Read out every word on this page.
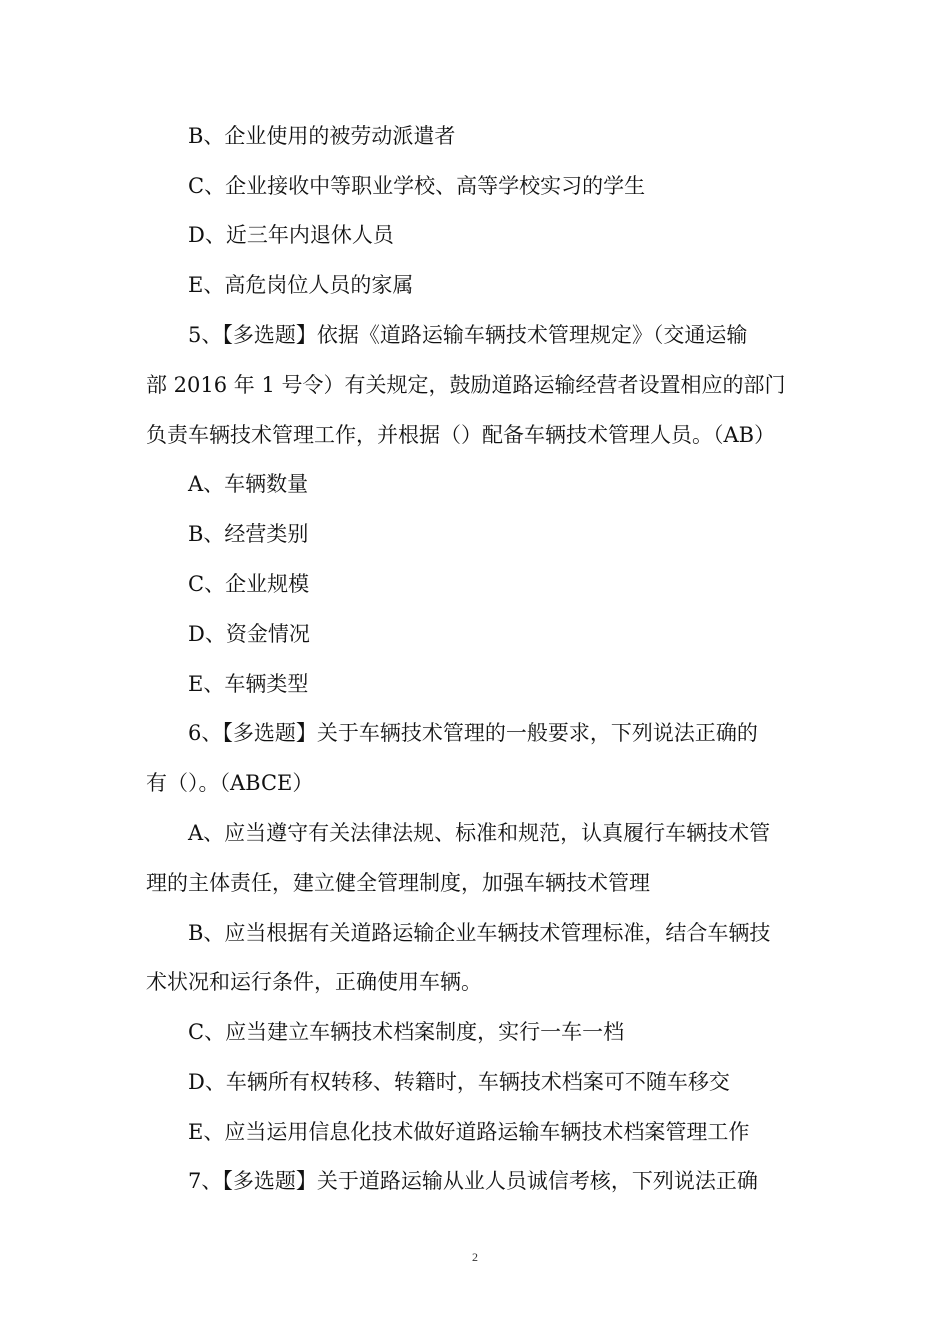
B、企业使用的被劳动派遣者
C、企业接收中等职业学校、高等学校实习的学生
D、近三年内退休人员
E、高危岗位人员的家属
5、【多选题】依据《道路运输车辆技术管理规定》（交通运输
部 2016 年 1 号令）有关规定，鼓励道路运输经营者设置相应的部门
负责车辆技术管理工作，并根据（）配备车辆技术管理人员。（AB）
A、车辆数量
B、经营类别
C、企业规模
D、资金情况
E、车辆类型
6、【多选题】关于车辆技术管理的一般要求，下列说法正确的
有（）。（ABCE）
A、应当遵守有关法律法规、标准和规范，认真履行车辆技术管
理的主体责任，建立健全管理制度，加强车辆技术管理
B、应当根据有关道路运输企业车辆技术管理标准，结合车辆技
术状况和运行条件，正确使用车辆。
C、应当建立车辆技术档案制度，实行一车一档
D、车辆所有权转移、转籍时，车辆技术档案可不随车移交
E、应当运用信息化技术做好道路运输车辆技术档案管理工作
7、【多选题】关于道路运输从业人员诚信考核，下列说法正确
2
